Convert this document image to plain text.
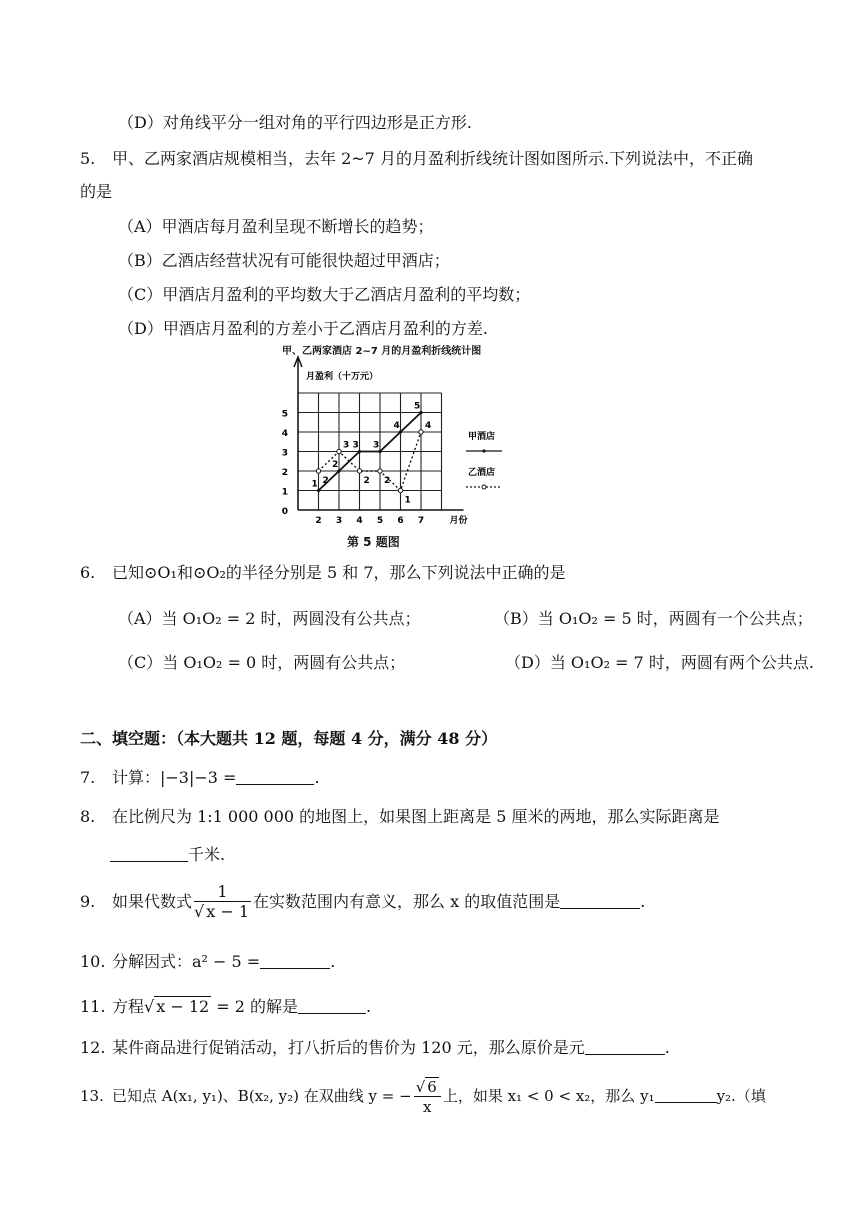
（D）对角线平分一组对角的平行四边形是正方形.
5. 甲、乙两家酒店规模相当，去年 2~7 月的月盈利折线统计图如图所示.下列说法中，不正确
的是
（A）甲酒店每月盈利呈现不断增长的趋势；
（B）乙酒店经营状况有可能很快超过甲酒店；
（C）甲酒店月盈利的平均数大于乙酒店月盈利的平均数；
（D）甲酒店月盈利的方差小于乙酒店月盈利的方差.
甲、乙两家酒店 2~7 月的月盈利折线统计图
月盈利（十万元）
月份
0
1
2
3
4
5
2 3 4 5 6 7
1
2
3 3
4
5
2
3
2 2
1
4
甲酒店
乙酒店
第 5 题图
6. 已知⊙O₁和⊙O₂的半径分别是 5 和 7，那么下列说法中正确的是
（A）当 O₁O₂ = 2 时，两圆没有公共点；	（B）当 O₁O₂ = 5 时，两圆有一个公共点；
（C）当 O₁O₂ = 0 时，两圆有公共点；	（D）当 O₁O₂ = 7 时，两圆有两个公共点.
二、填空题：（本大题共 12 题，每题 4 分，满分 48 分）
7. 计算：|−3|−3 =	.
8. 在比例尺为 1:1 000 000 的地图上，如果图上距离是 5 厘米的两地，那么实际距离是
千米.
9. 如果代数式 $\frac{1}{√ x - 1}$ 在实数范围内有意义，那么 x 的取值范围是	.
10. 分解因式：a² − 5 =	.
11. 方程√ x − 12 = 2 的解是	.
12. 某件商品进行促销活动，打八折后的售价为 120 元，那么原价是元	.
13. 已知点 A(x₁, y₁)、B(x₂, y₂) 在双曲线 y = − $\frac{√ 6}{x}$ 上，如果 x₁ < 0 < x₂，那么 y₁	y₂.（填
